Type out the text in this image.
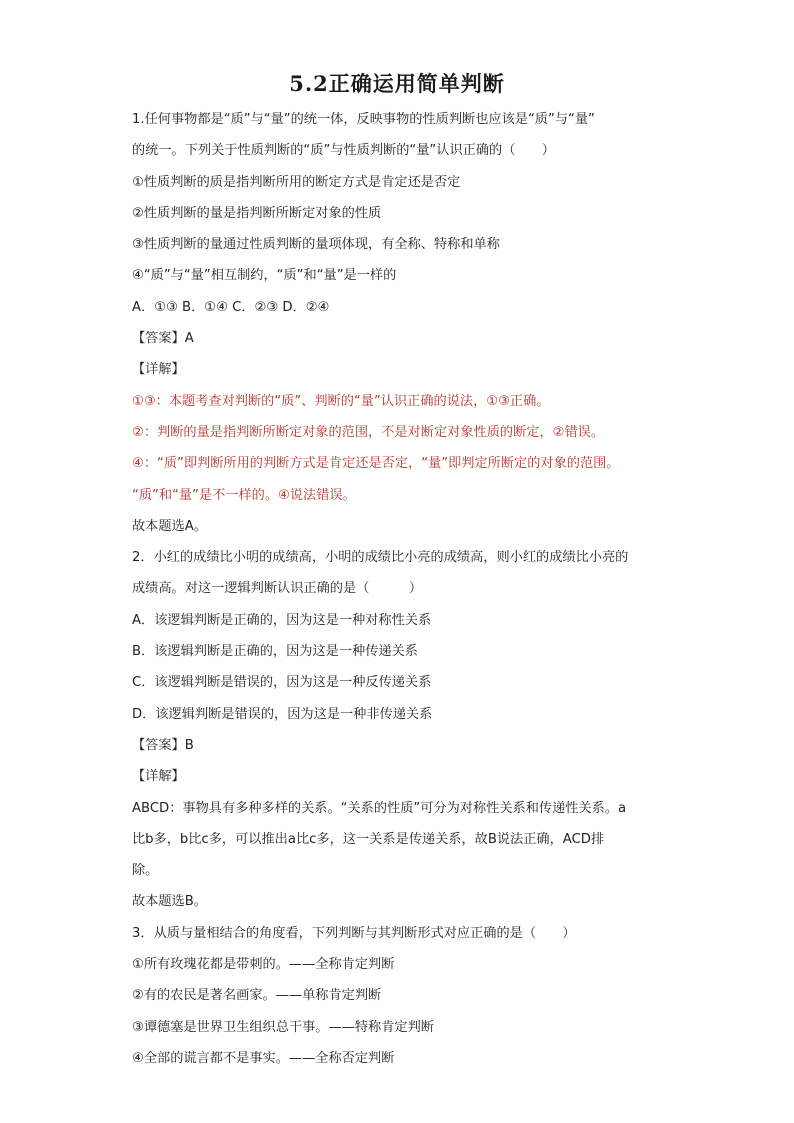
5.2正确运用简单判断
1.任何事物都是“质”与“量”的统一体，反映事物的性质判断也应该是“质”与“量”
的统一。下列关于性质判断的“质”与性质判断的“量”认识正确的（　　）
①性质判断的质是指判断所用的断定方式是肯定还是否定
②性质判断的量是指判断所断定对象的性质
③性质判断的量通过性质判断的量项体现，有全称、特称和单称
④“质”与“量”相互制约，“质”和“量”是一样的
A．①③ B．①④ C．②③ D．②④
【答案】A
【详解】
①③：本题考查对判断的“质”、判断的“量”认识正确的说法，①③正确。
②：判断的量是指判断所断定对象的范围，不是对断定对象性质的断定，②错误。
④：“质”即判断所用的判断方式是肯定还是否定，“量”即判定所断定的对象的范围。
“质”和“量”是不一样的。④说法错误。
故本题选A。
2．小红的成绩比小明的成绩高，小明的成绩比小亮的成绩高，则小红的成绩比小亮的
成绩高。对这一逻辑判断认识正确的是（　　　）
A．该逻辑判断是正确的，因为这是一种对称性关系
B．该逻辑判断是正确的，因为这是一种传递关系
C．该逻辑判断是错误的，因为这是一种反传递关系
D．该逻辑判断是错误的，因为这是一种非传递关系
【答案】B
【详解】
ABCD：事物具有多种多样的关系。“关系的性质”可分为对称性关系和传递性关系。a
比b多，b比c多，可以推出a比c多，这一关系是传递关系，故B说法正确，ACD排
除。
故本题选B。
3．从质与量相结合的角度看，下列判断与其判断形式对应正确的是（　　）
①所有玫瑰花都是带刺的。——全称肯定判断
②有的农民是著名画家。——单称肯定判断
③谭德塞是世界卫生组织总干事。——特称肯定判断
④全部的谎言都不是事实。——全称否定判断
